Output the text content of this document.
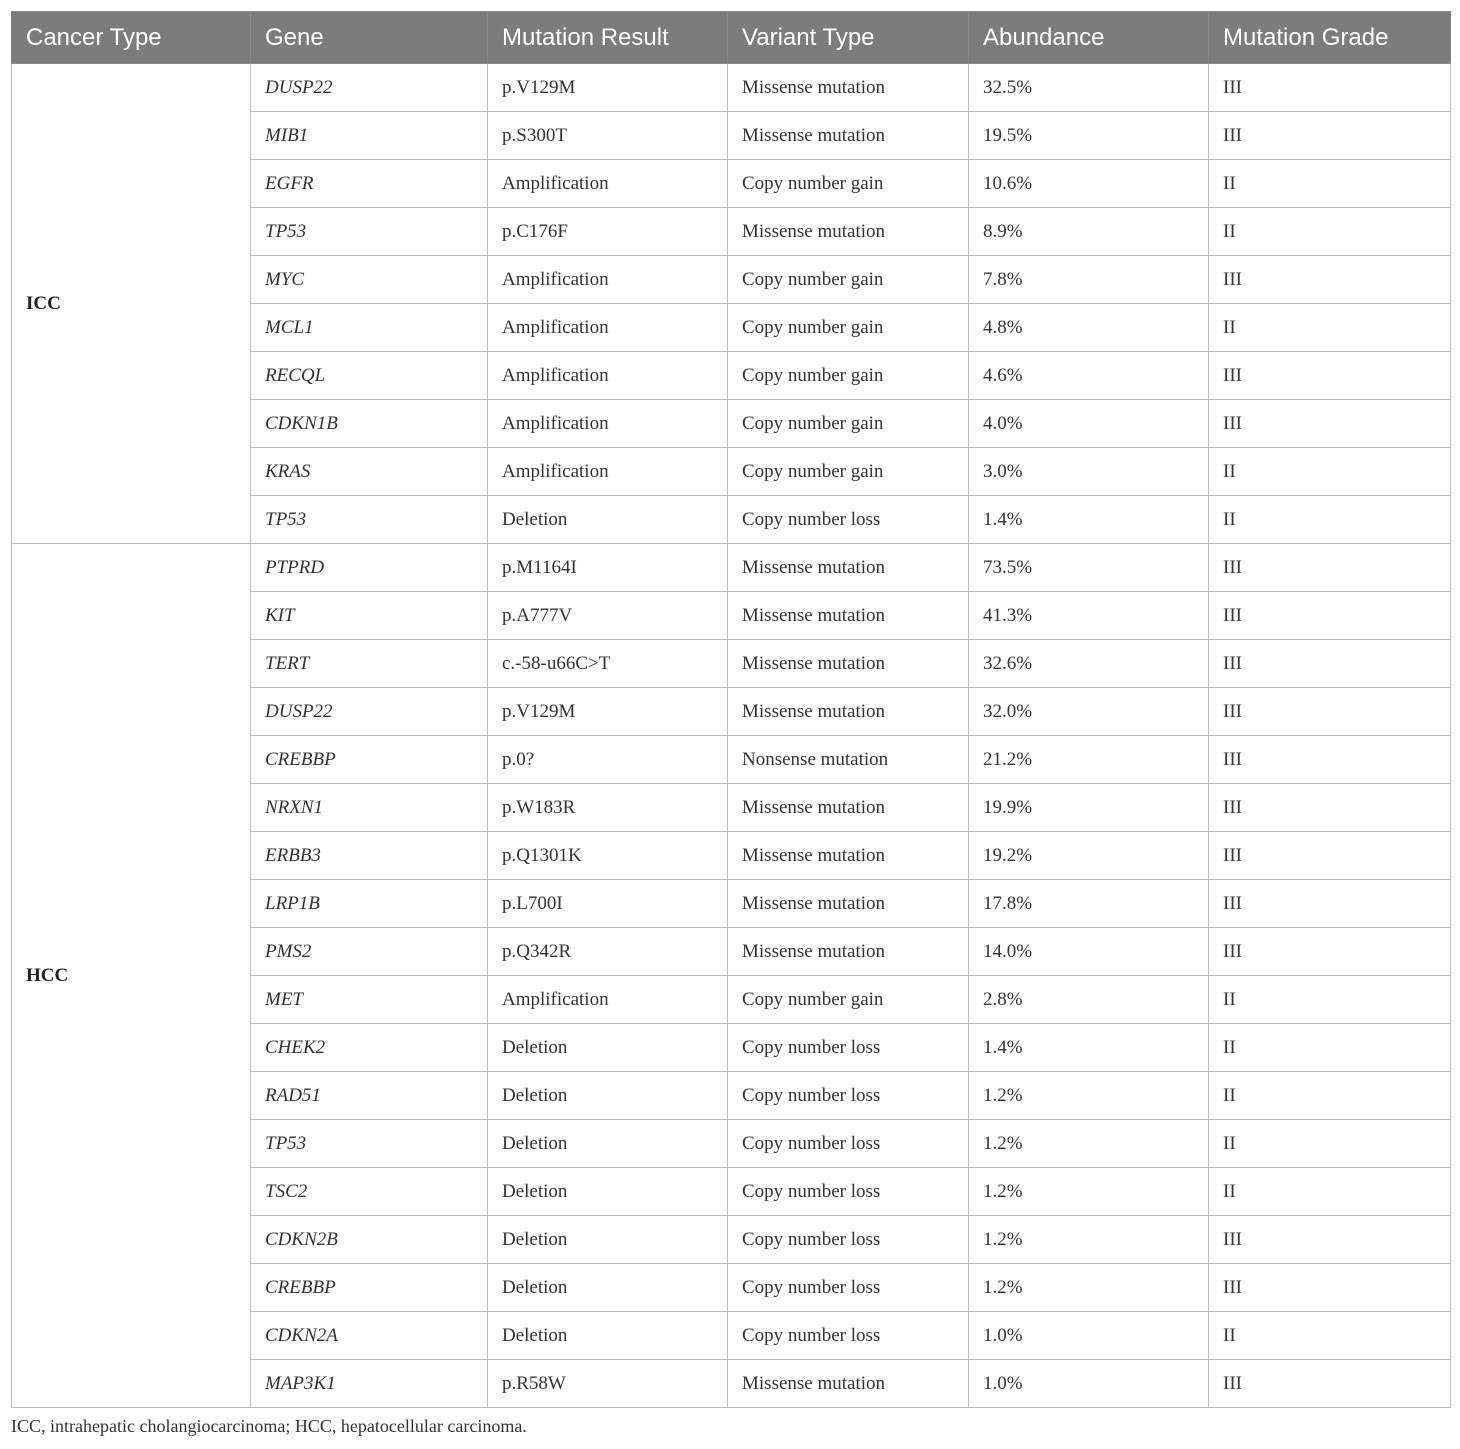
Cancer Type	Gene	Mutation Result	Variant Type	Abundance	Mutation Grade
ICC	DUSP22	p.V129M	Missense mutation	32.5%	III
	MIB1	p.S300T	Missense mutation	19.5%	III
	EGFR	Amplification	Copy number gain	10.6%	II
	TP53	p.C176F	Missense mutation	8.9%	II
	MYC	Amplification	Copy number gain	7.8%	III
	MCL1	Amplification	Copy number gain	4.8%	II
	RECQL	Amplification	Copy number gain	4.6%	III
	CDKN1B	Amplification	Copy number gain	4.0%	III
	KRAS	Amplification	Copy number gain	3.0%	II
	TP53	Deletion	Copy number loss	1.4%	II
HCC	PTPRD	p.M1164I	Missense mutation	73.5%	III
	KIT	p.A777V	Missense mutation	41.3%	III
	TERT	c.-58-u66C>T	Missense mutation	32.6%	III
	DUSP22	p.V129M	Missense mutation	32.0%	III
	CREBBP	p.0?	Nonsense mutation	21.2%	III
	NRXN1	p.W183R	Missense mutation	19.9%	III
	ERBB3	p.Q1301K	Missense mutation	19.2%	III
	LRP1B	p.L700I	Missense mutation	17.8%	III
	PMS2	p.Q342R	Missense mutation	14.0%	III
	MET	Amplification	Copy number gain	2.8%	II
	CHEK2	Deletion	Copy number loss	1.4%	II
	RAD51	Deletion	Copy number loss	1.2%	II
	TP53	Deletion	Copy number loss	1.2%	II
	TSC2	Deletion	Copy number loss	1.2%	II
	CDKN2B	Deletion	Copy number loss	1.2%	III
	CREBBP	Deletion	Copy number loss	1.2%	III
	CDKN2A	Deletion	Copy number loss	1.0%	II
	MAP3K1	p.R58W	Missense mutation	1.0%	III
ICC, intrahepatic cholangiocarcinoma; HCC, hepatocellular carcinoma.
